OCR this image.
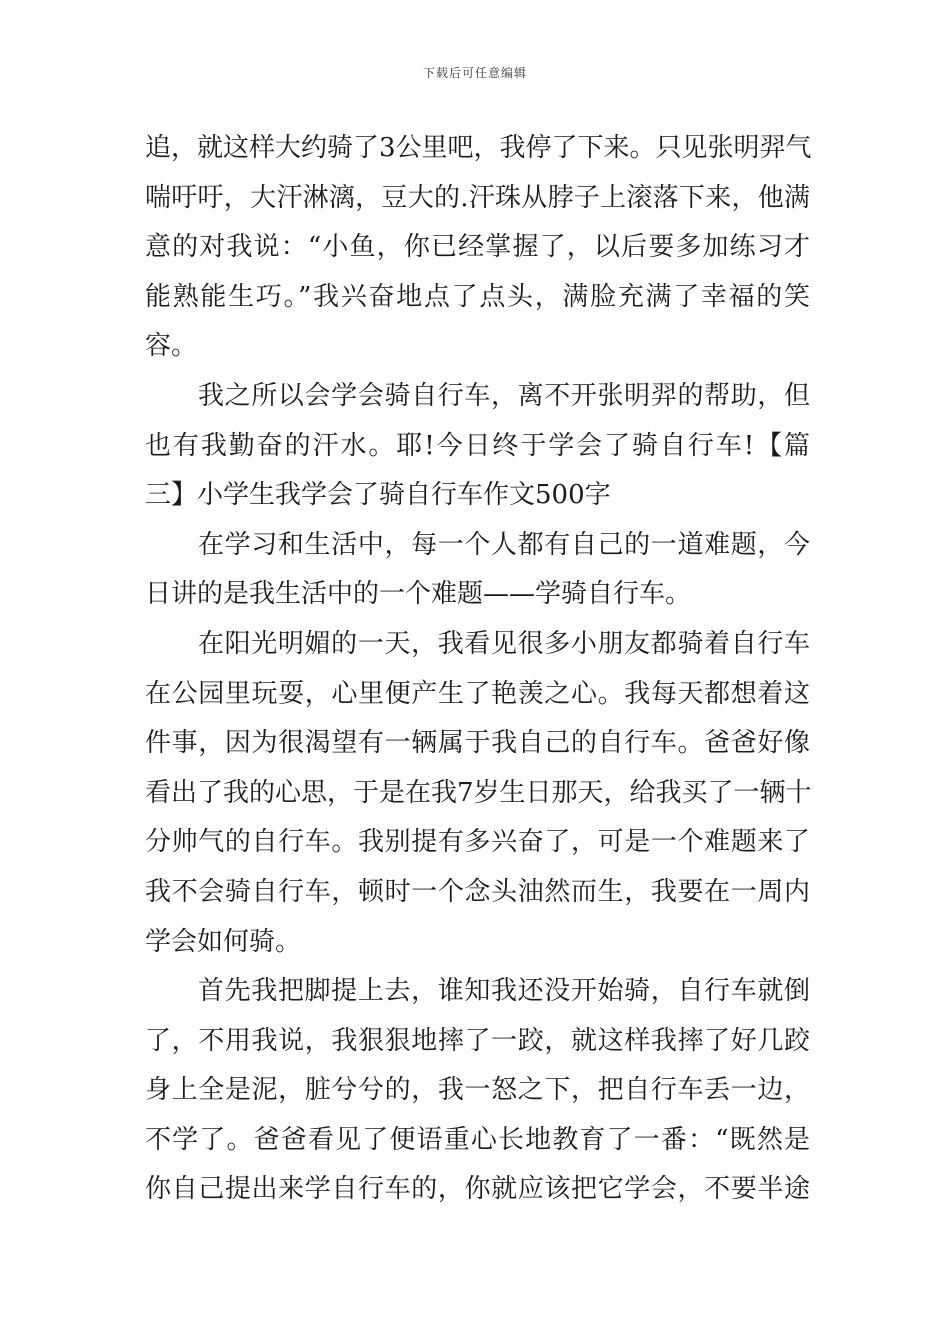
下载后可任意编辑
追，就这样大约骑了3公里吧，我停了下来。只见张明羿气
喘吁吁，大汗淋漓，豆大的.汗珠从脖子上滚落下来，他满
意的对我说：“小鱼，你已经掌握了，以后要多加练习才
能熟能生巧。”我兴奋地点了点头，满脸充满了幸福的笑
容。
我之所以会学会骑自行车，离不开张明羿的帮助，但
也有我勤奋的汗水。耶!今日终于学会了骑自行车!【篇
三】小学生我学会了骑自行车作文500字
在学习和生活中，每一个人都有自己的一道难题，今
日讲的是我生活中的一个难题——学骑自行车。
在阳光明媚的一天，我看见很多小朋友都骑着自行车
在公园里玩耍，心里便产生了艳羡之心。我每天都想着这
件事，因为很渴望有一辆属于我自己的自行车。爸爸好像
看出了我的心思，于是在我7岁生日那天，给我买了一辆十
分帅气的自行车。我别提有多兴奋了，可是一个难题来了
我不会骑自行车，顿时一个念头油然而生，我要在一周内
学会如何骑。
首先我把脚提上去，谁知我还没开始骑，自行车就倒
了，不用我说，我狠狠地摔了一跤，就这样我摔了好几跤
身上全是泥，脏兮兮的，我一怒之下，把自行车丢一边，
不学了。爸爸看见了便语重心长地教育了一番：“既然是
你自己提出来学自行车的，你就应该把它学会，不要半途
